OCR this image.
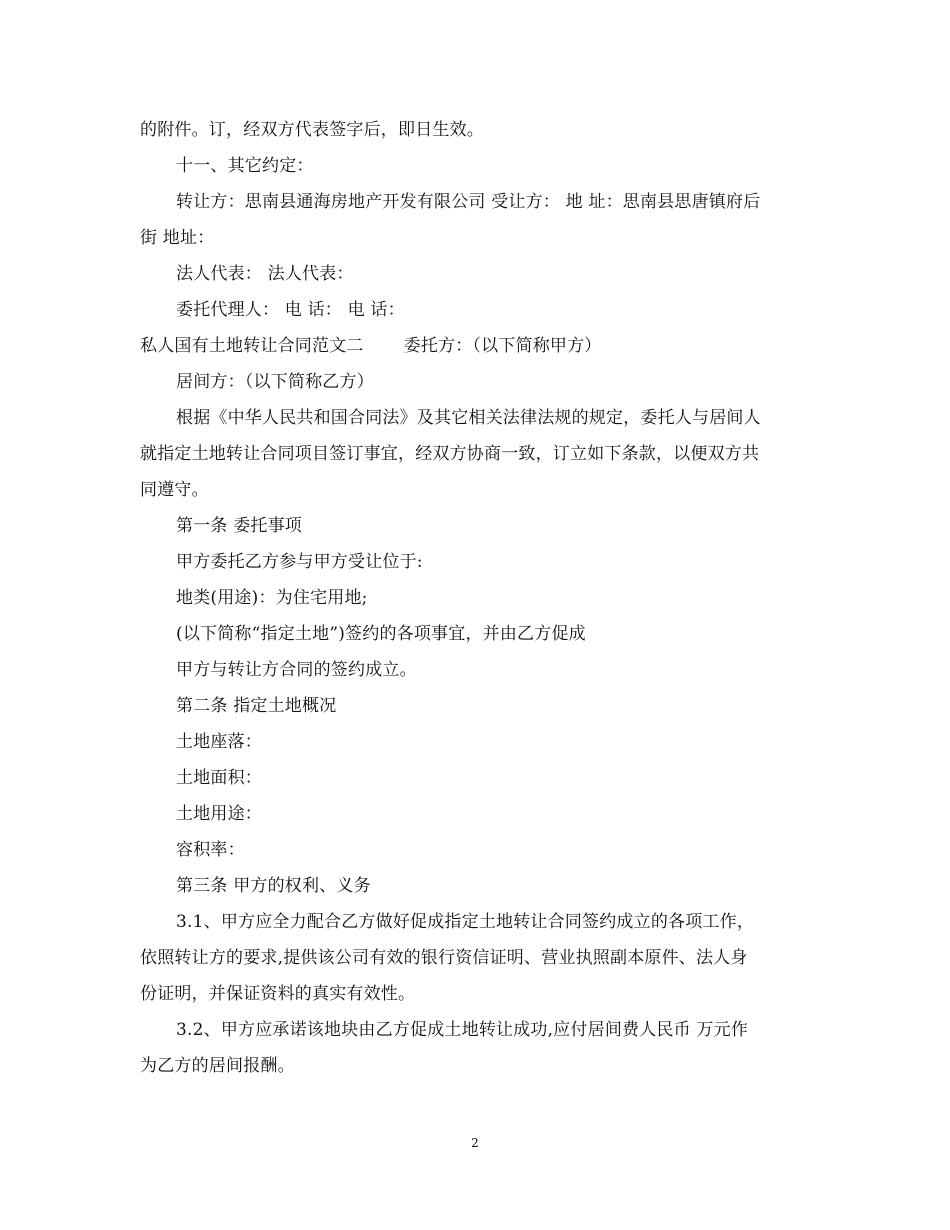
的附件。订，经双方代表签字后，即日生效。
十一、其它约定：
转让方：思南县通海房地产开发有限公司 受让方： 地 址：思南县思唐镇府后
街 地址：
法人代表： 法人代表：
委托代理人： 电 话： 电 话：
私人国有土地转让合同范文二 委托方：（以下简称甲方）
居间方：（以下简称乙方）
根据《中华人民共和国合同法》及其它相关法律法规的规定，委托人与居间人
就指定土地转让合同项目签订事宜，经双方协商一致，订立如下条款，以便双方共
同遵守。
第一条 委托事项
甲方委托乙方参与甲方受让位于:
地类(用途)：为住宅用地;
(以下简称“指定土地”)签约的各项事宜，并由乙方促成
甲方与转让方合同的签约成立。
第二条 指定土地概况
土地座落：
土地面积：
土地用途：
容积率：
第三条 甲方的权利、义务
3.1、甲方应全力配合乙方做好促成指定土地转让合同签约成立的各项工作，
依照转让方的要求,提供该公司有效的银行资信证明、营业执照副本原件、法人身
份证明，并保证资料的真实有效性。
3.2、甲方应承诺该地块由乙方促成土地转让成功,应付居间费人民币 万元作
为乙方的居间报酬。
2
